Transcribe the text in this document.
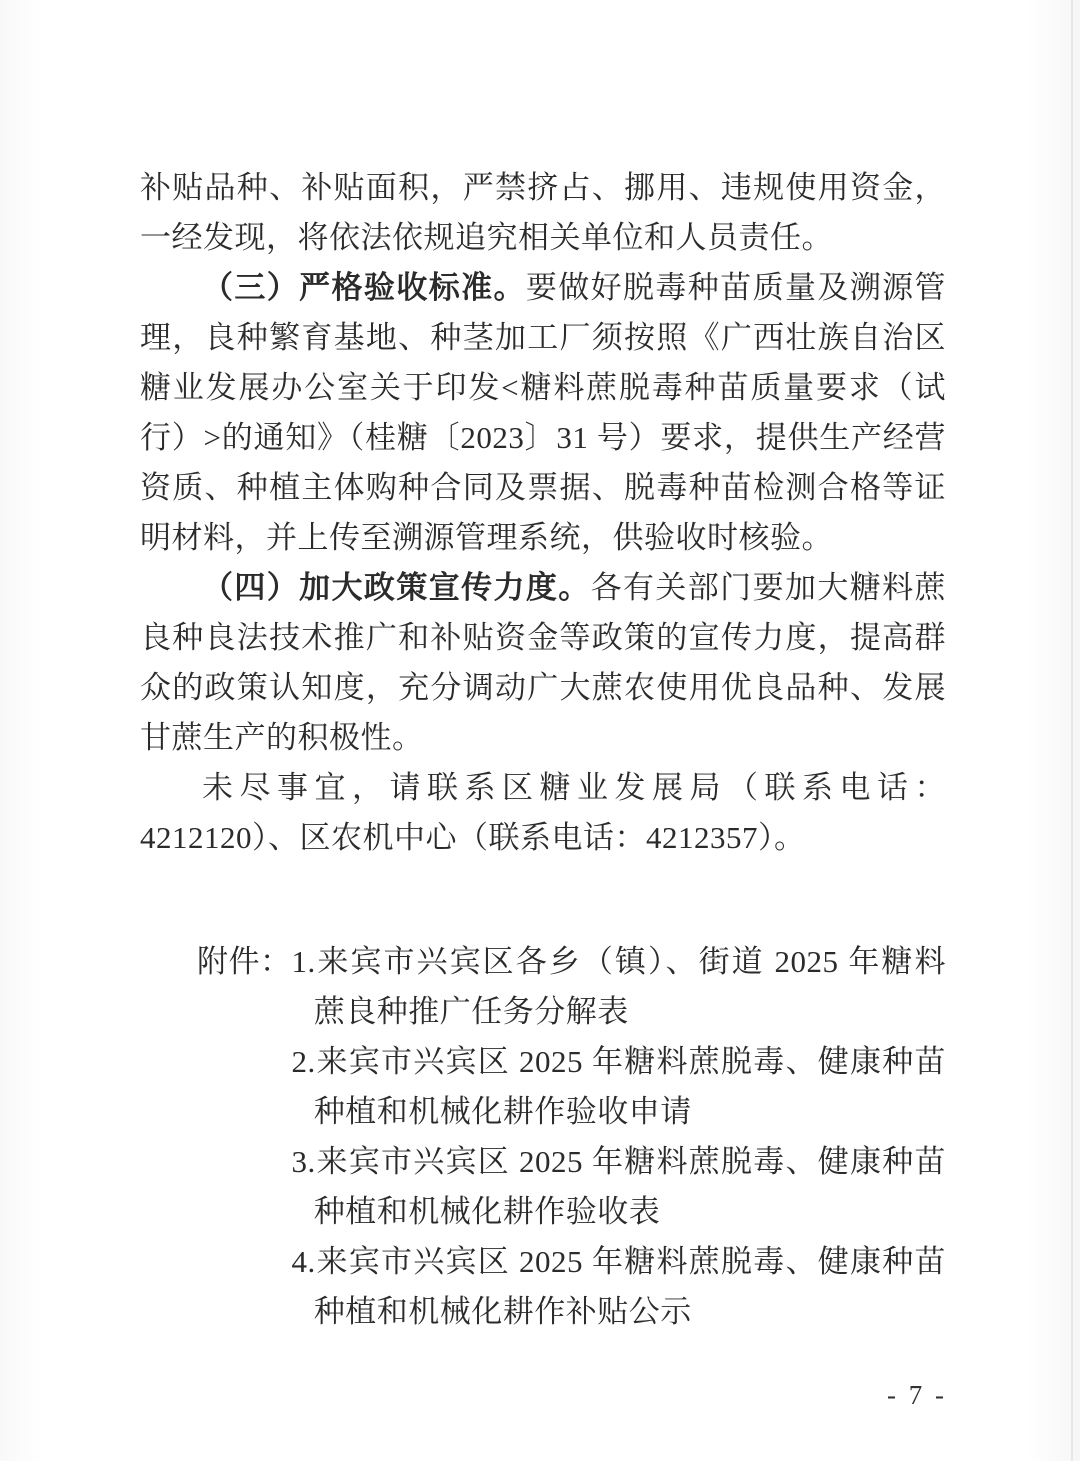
补贴品种、补贴面积，严禁挤占、挪用、违规使用资金，一经发现，将依法依规追究相关单位和人员责任。

（三）严格验收标准。要做好脱毒种苗质量及溯源管理，良种繁育基地、种茎加工厂须按照《广西壮族自治区糖业发展办公室关于印发<糖料蔗脱毒种苗质量要求（试行）>的通知》（桂糖〔2023〕31 号）要求，提供生产经营资质、种植主体购种合同及票据、脱毒种苗检测合格等证明材料，并上传至溯源管理系统，供验收时核验。

（四）加大政策宣传力度。各有关部门要加大糖料蔗良种良法技术推广和补贴资金等政策的宣传力度，提高群众的政策认知度，充分调动广大蔗农使用优良品种、发展甘蔗生产的积极性。

未尽事宜，请联系区糖业发展局（联系电话：4212120）、区农机中心（联系电话：4212357）。

附件： 1.来宾市兴宾区各乡（镇）、街道 2025 年糖料蔗良种推广任务分解表
2.来宾市兴宾区 2025 年糖料蔗脱毒、健康种苗种植和机械化耕作验收申请
3.来宾市兴宾区 2025 年糖料蔗脱毒、健康种苗种植和机械化耕作验收表
4.来宾市兴宾区 2025 年糖料蔗脱毒、健康种苗种植和机械化耕作补贴公示
- 7 -
